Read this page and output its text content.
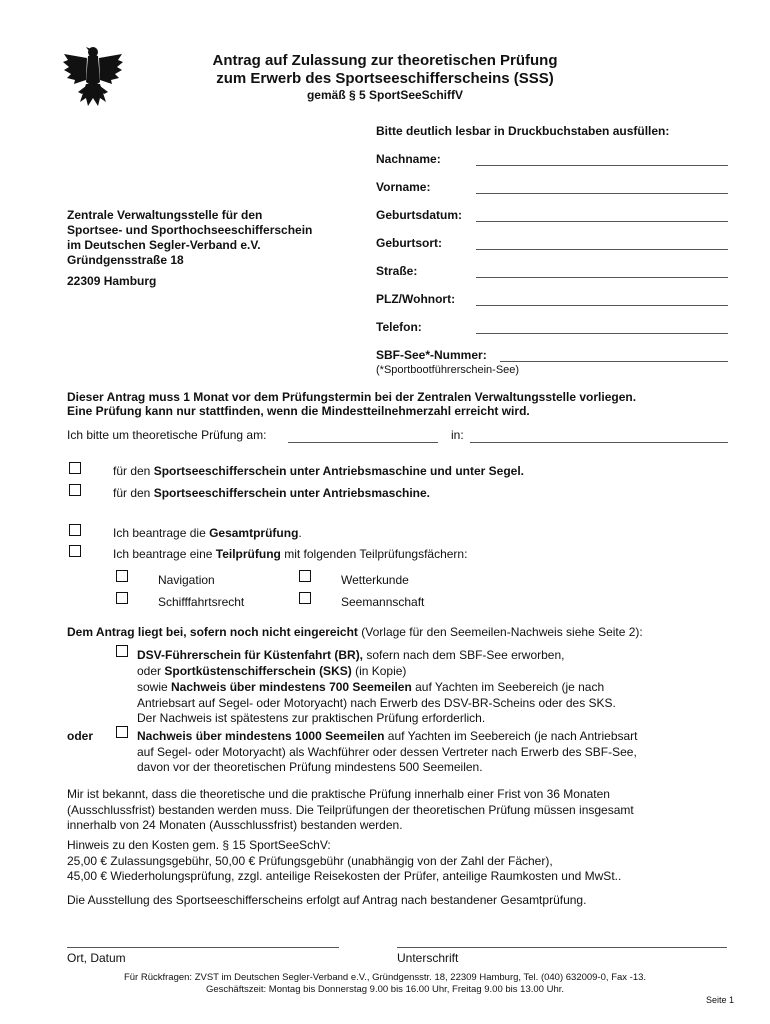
Antrag auf Zulassung zur theoretischen Prüfung
zum Erwerb des Sportseeschifferscheins (SSS)
gemäß § 5 SportSeeSchiffV
Bitte deutlich lesbar in Druckbuchstaben ausfüllen:
Nachname:
Vorname:
Geburtsdatum:
Geburtsort:
Straße:
PLZ/Wohnort:
Telefon:
SBF-See*-Nummer:
(*Sportbootführerschein-See)
Zentrale Verwaltungsstelle für den
Sportsee- und Sporthochseeschifferschein
im Deutschen Segler-Verband e.V.
Gründgensstraße 18
22309 Hamburg
Dieser Antrag muss 1 Monat vor dem Prüfungstermin bei der Zentralen Verwaltungsstelle vorliegen.
Eine Prüfung kann nur stattfinden, wenn die Mindestteilnehmerzahl erreicht wird.
Ich bitte um theoretische Prüfung am:	in:
für den Sportseeschifferschein unter Antriebsmaschine und unter Segel.
für den Sportseeschifferschein unter Antriebsmaschine.
Ich beantrage die Gesamtprüfung.
Ich beantrage eine Teilprüfung mit folgenden Teilprüfungsfächern:
Navigation	Wetterkunde
Schifffahrtsrecht	Seemannschaft
Dem Antrag liegt bei, sofern noch nicht eingereicht (Vorlage für den Seemeilen-Nachweis siehe Seite 2):
DSV-Führerschein für Küstenfahrt (BR), sofern nach dem SBF-See erworben,
oder Sportküstenschifferschein (SKS) (in Kopie)
sowie Nachweis über mindestens 700 Seemeilen auf Yachten im Seebereich (je nach
Antriebsart auf Segel- oder Motoryacht) nach Erwerb des DSV-BR-Scheins oder des SKS.
Der Nachweis ist spätestens zur praktischen Prüfung erforderlich.
oder	Nachweis über mindestens 1000 Seemeilen auf Yachten im Seebereich (je nach Antriebsart
auf Segel- oder Motoryacht) als Wachführer oder dessen Vertreter nach Erwerb des SBF-See,
davon vor der theoretischen Prüfung mindestens 500 Seemeilen.
Mir ist bekannt, dass die theoretische und die praktische Prüfung innerhalb einer Frist von 36 Monaten
(Ausschlussfrist) bestanden werden muss. Die Teilprüfungen der theoretischen Prüfung müssen insgesamt
innerhalb von 24 Monaten (Ausschlussfrist) bestanden werden.
Hinweis zu den Kosten gem. § 15 SportSeeSchV:
25,00 € Zulassungsgebühr, 50,00 € Prüfungsgebühr (unabhängig von der Zahl der Fächer),
45,00 € Wiederholungsprüfung, zzgl. anteilige Reisekosten der Prüfer, anteilige Raumkosten und MwSt..
Die Ausstellung des Sportseeschifferscheins erfolgt auf Antrag nach bestandener Gesamtprüfung.
Ort, Datum	Unterschrift
Für Rückfragen: ZVST im Deutschen Segler-Verband e.V., Gründgensstr. 18, 22309 Hamburg, Tel. (040) 632009-0, Fax -13.
Geschäftszeit: Montag bis Donnerstag 9.00 bis 16.00 Uhr, Freitag 9.00 bis 13.00 Uhr.
Seite 1
